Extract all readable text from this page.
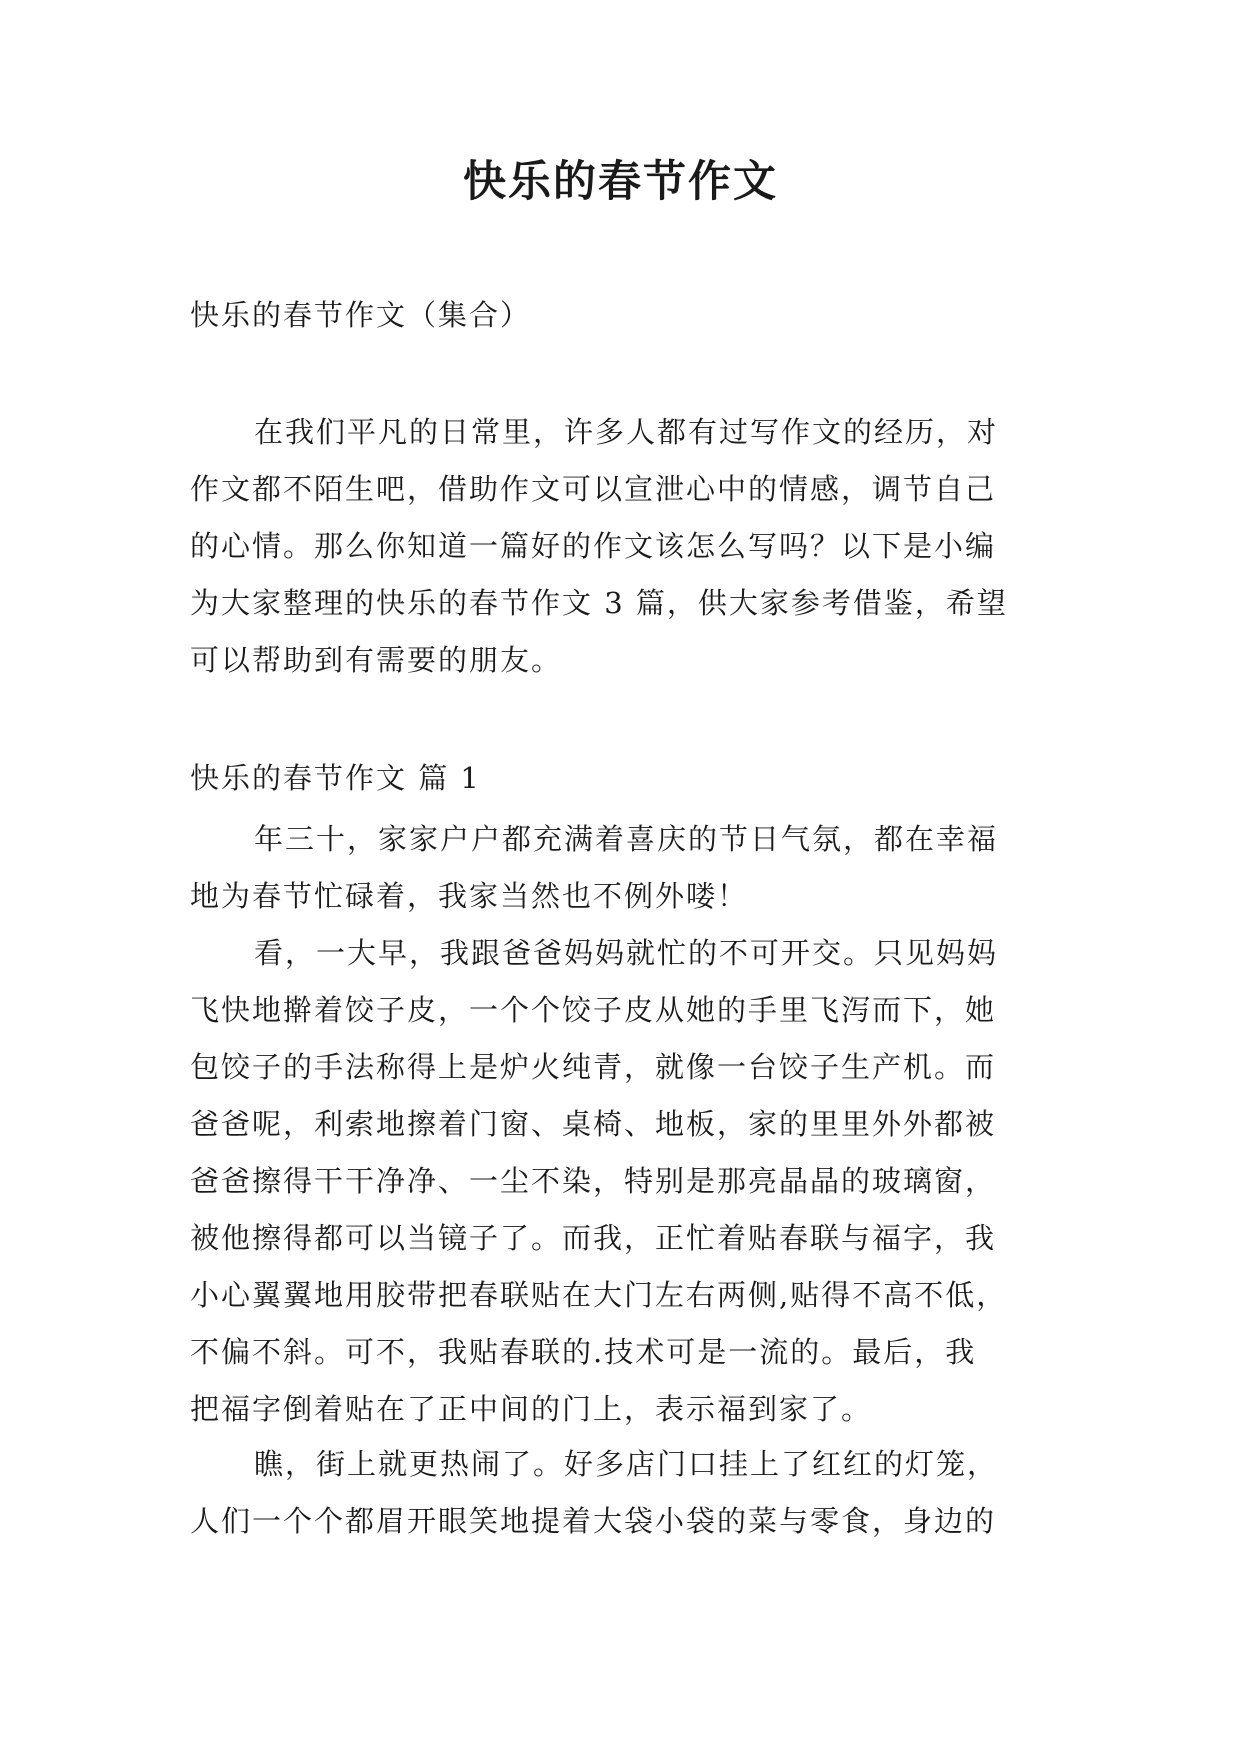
快乐的春节作文

快乐的春节作文（集合）

在我们平凡的日常里，许多人都有过写作文的经历，对
作文都不陌生吧，借助作文可以宣泄心中的情感，调节自己
的心情。那么你知道一篇好的作文该怎么写吗？以下是小编
为大家整理的快乐的春节作文 3 篇，供大家参考借鉴，希望
可以帮助到有需要的朋友。

快乐的春节作文 篇 1

年三十，家家户户都充满着喜庆的节日气氛，都在幸福
地为春节忙碌着，我家当然也不例外喽！
看，一大早，我跟爸爸妈妈就忙的不可开交。只见妈妈
飞快地擀着饺子皮，一个个饺子皮从她的手里飞泻而下，她
包饺子的手法称得上是炉火纯青，就像一台饺子生产机。而
爸爸呢，利索地擦着门窗、桌椅、地板，家的里里外外都被
爸爸擦得干干净净、一尘不染，特别是那亮晶晶的玻璃窗，
被他擦得都可以当镜子了。而我，正忙着贴春联与福字，我
小心翼翼地用胶带把春联贴在大门左右两侧,贴得不高不低，
不偏不斜。可不，我贴春联的.技术可是一流的。最后，我
把福字倒着贴在了正中间的门上，表示福到家了。
瞧，街上就更热闹了。好多店门口挂上了红红的灯笼，
人们一个个都眉开眼笑地提着大袋小袋的菜与零食，身边的
